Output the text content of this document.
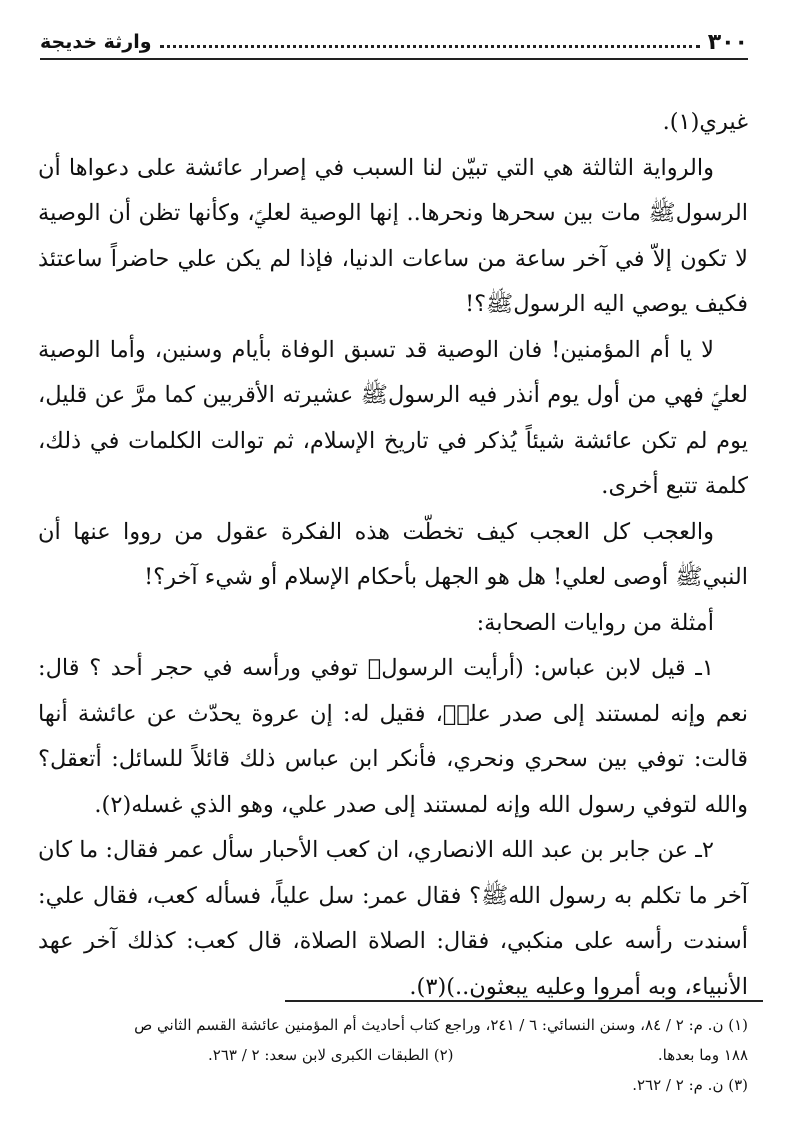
٣٠٠
وارثة خديجة

غيري(١).

والرواية الثالثة هي التي تبيّن لنا السبب في إصرار عائشة على دعواها أن الرسولﷺ مات بين سحرها ونحرها.. إنها الوصية لعليؑ، وكأنها تظن أن الوصية لا تكون إلاّ في آخر ساعة من ساعات الدنيا، فإذا لم يكن علي حاضراً ساعتئذ فكيف يوصي اليه الرسولﷺ؟!

لا يا أم المؤمنين! فان الوصية قد تسبق الوفاة بأيام وسنين، وأما الوصية لعليؑ فهي من أول يوم أنذر فيه الرسولﷺ عشيرته الأقربين كما مرَّ عن قليل، يوم لم تكن عائشة شيئاً يُذكر في تاريخ الإسلام، ثم توالت الكلمات في ذلك، كلمة تتبع أخرى.

والعجب كل العجب كيف تخطّت هذه الفكرة عقول من رووا عنها أن النبيﷺ أوصى لعلي! هل هو الجهل بأحكام الإسلام أو شيء آخر؟!

أمثلة من روايات الصحابة:

١ـ قيل لابن عباس: (أرأيت الرسولﷺ توفي ورأسه في حجر أحد ؟ قال: نعم وإنه لمستند إلى صدر عليؑ، فقيل له: إن عروة يحدّث عن عائشة أنها قالت: توفي بين سحري ونحري، فأنكر ابن عباس ذلك قائلاً للسائل: أتعقل؟ والله لتوفي رسول الله وإنه لمستند إلى صدر علي، وهو الذي غسله(٢).

٢ـ عن جابر بن عبد الله الانصاري، ان كعب الأحبار سأل عمر فقال: ما كان آخر ما تكلم به رسول اللهﷺ؟ فقال عمر: سل علياً، فسأله كعب، فقال علي: أسندت رأسه على منكبي، فقال: الصلاة الصلاة، قال كعب: كذلك آخر عهد الأنبياء، وبه أمروا وعليه يبعثون..)(٣).

(١) ن. م: ٢ / ٨٤، وسنن النسائي: ٦ / ٢٤١، وراجع كتاب أحاديث أم المؤمنين عائشة القسم الثاني ص
١٨٨ وما بعدها.
(٢) الطبقات الكبرى لابن سعد: ٢ / ٢٦٣.
(٣) ن. م: ٢ / ٢٦٢.
